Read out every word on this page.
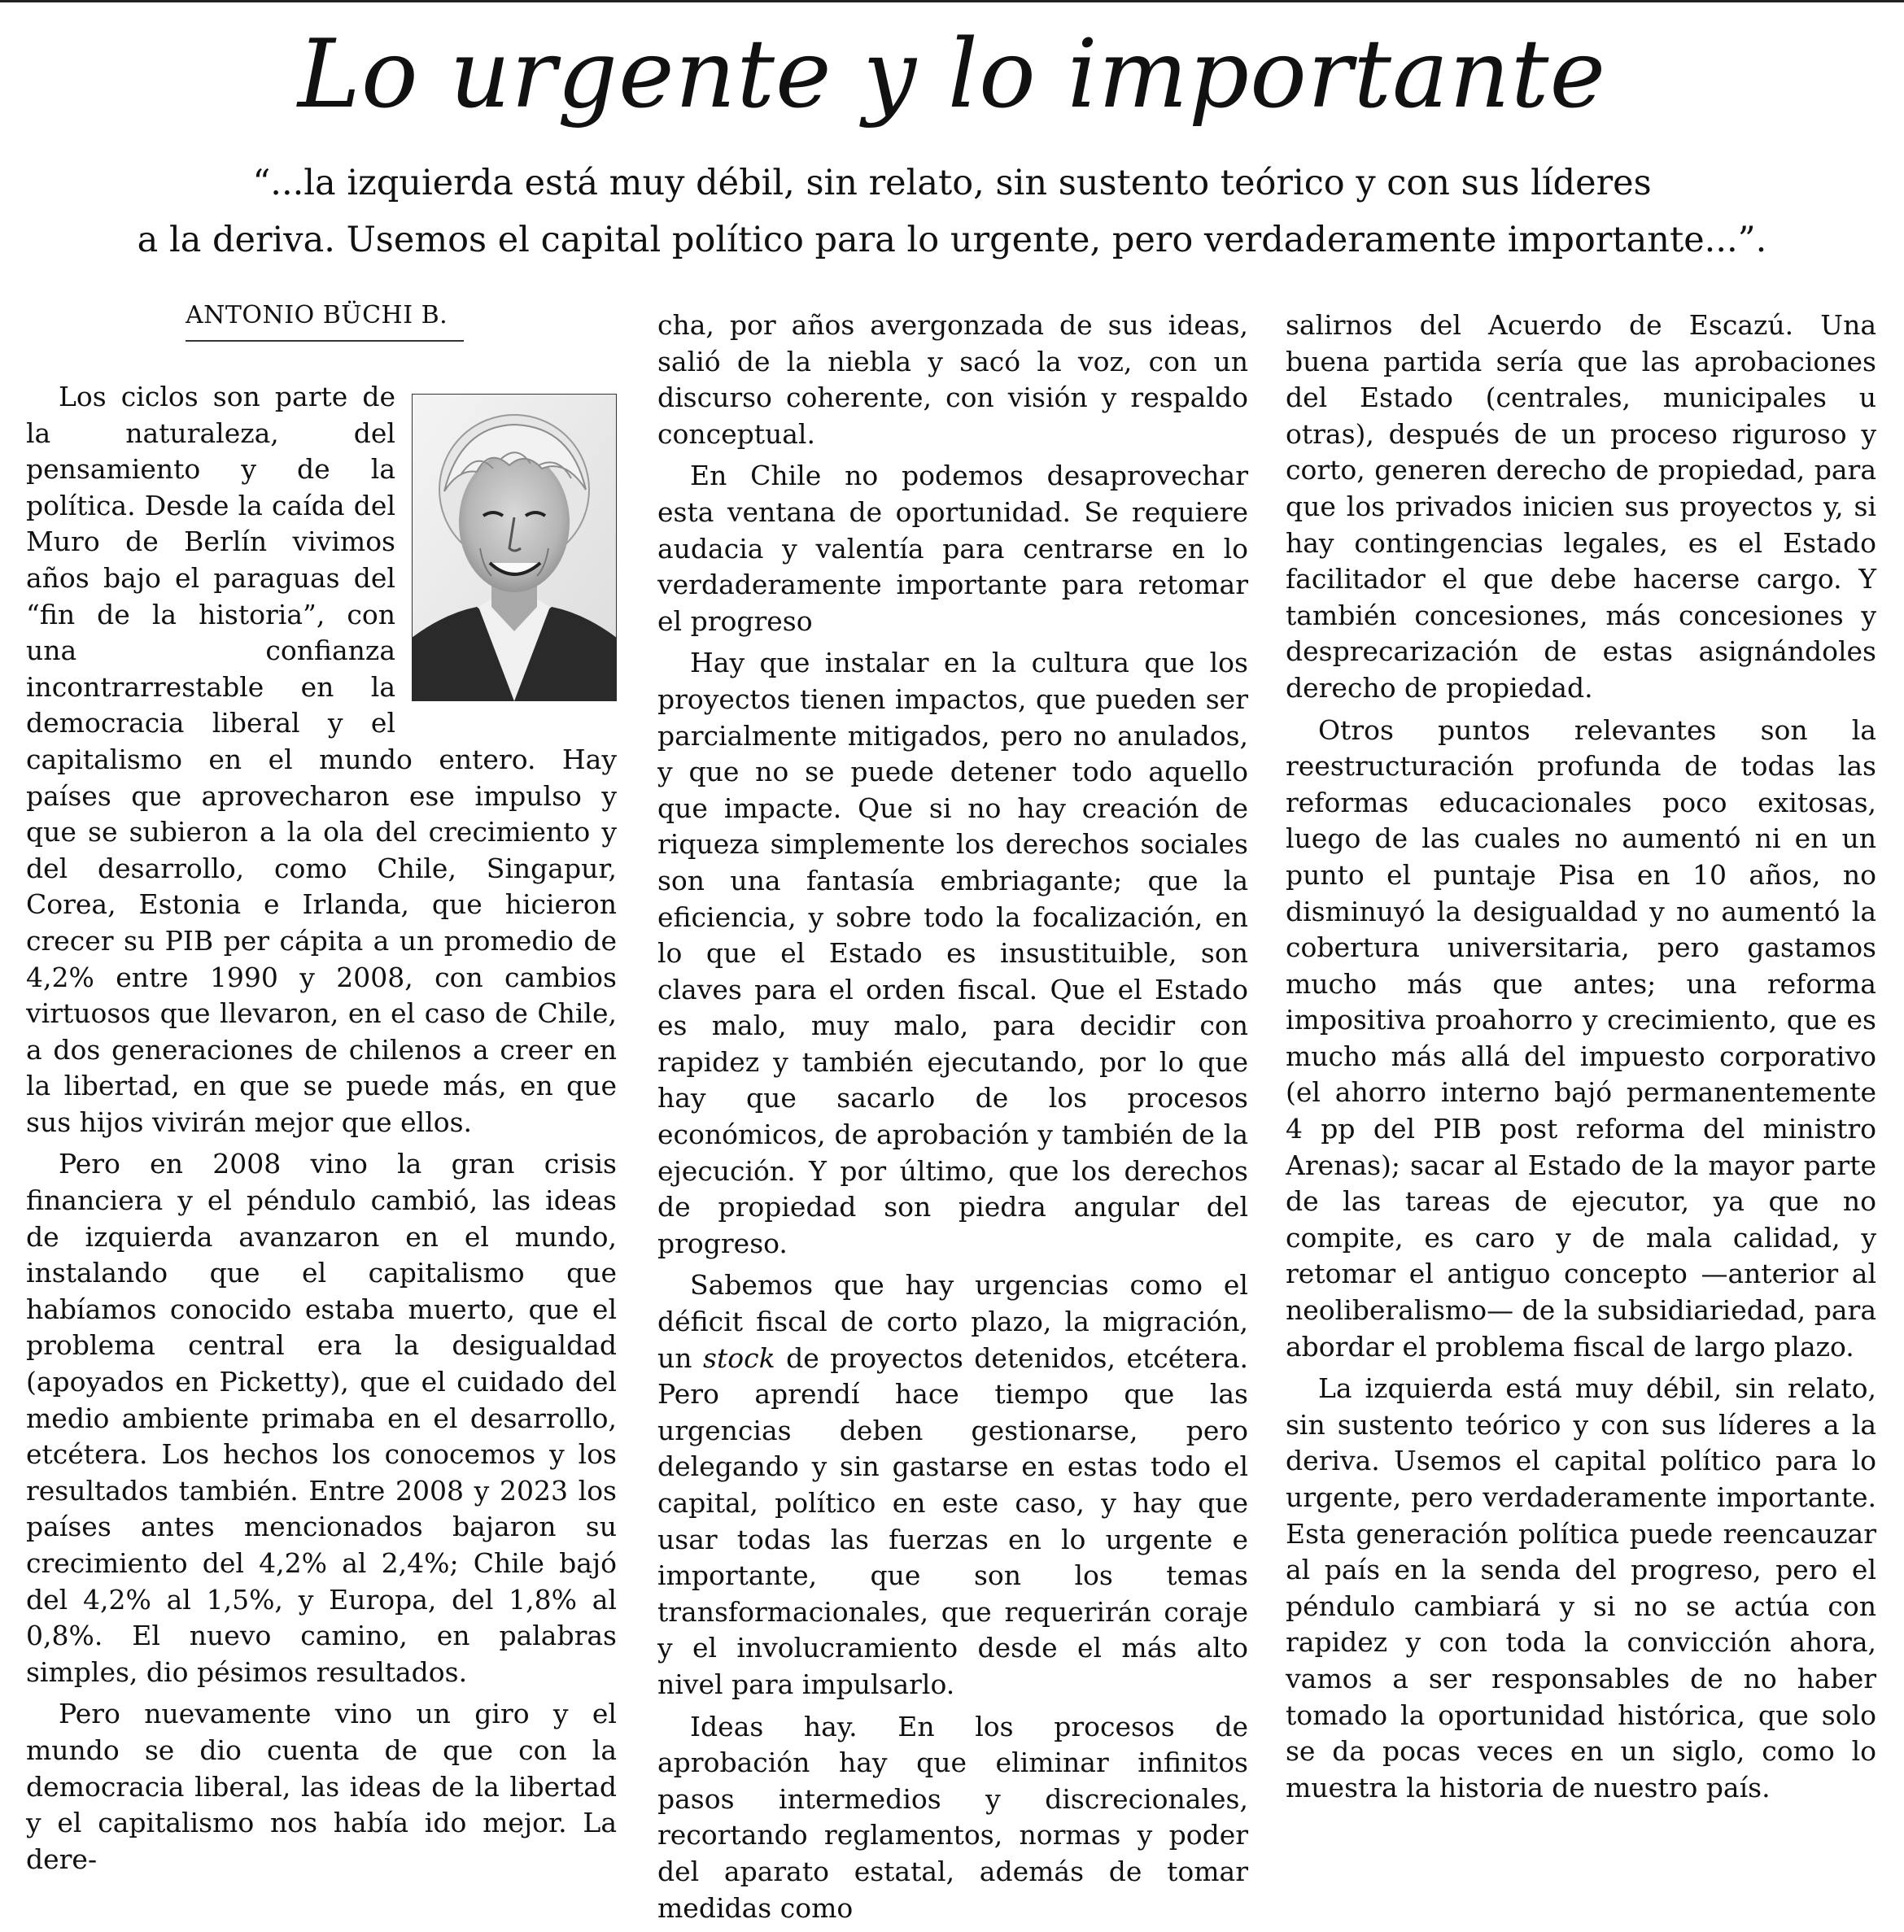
Lo urgente y lo importante
“...la izquierda está muy débil, sin relato, sin sustento teórico y con sus líderes
a la deriva. Usemos el capital político para lo urgente, pero verdaderamente importante...”.
ANTONIO BÜCHI B.

Los ciclos son parte de la naturaleza, del pensamiento y de la política. Desde la caída del Muro de Berlín vivimos años bajo el paraguas del “fin de la historia”, con una confianza incontrarrestable en la democracia liberal y el capitalismo en el mundo entero. Hay países que aprovecharon ese impulso y que se subieron a la ola del crecimiento y del desarrollo, como Chile, Singapur, Corea, Estonia e Irlanda, que hicieron crecer su PIB per cápita a un promedio de 4,2% entre 1990 y 2008, con cambios virtuosos que llevaron, en el caso de Chile, a dos generaciones de chilenos a creer en la libertad, en que se puede más, en que sus hijos vivirán mejor que ellos.

Pero en 2008 vino la gran crisis financiera y el péndulo cambió, las ideas de izquierda avanzaron en el mundo, instalando que el capitalismo que habíamos conocido estaba muerto, que el problema central era la desigualdad (apoyados en Picketty), que el cuidado del medio ambiente primaba en el desarrollo, etcétera. Los hechos los conocemos y los resultados también. Entre 2008 y 2023 los países antes mencionados bajaron su crecimiento del 4,2% al 2,4%; Chile bajó del 4,2% al 1,5%, y Europa, del 1,8% al 0,8%. El nuevo camino, en palabras simples, dio pésimos resultados.

Pero nuevamente vino un giro y el mundo se dio cuenta de que con la democracia liberal, las ideas de la libertad y el capitalismo nos había ido mejor. La dere-

cha, por años avergonzada de sus ideas, salió de la niebla y sacó la voz, con un discurso coherente, con visión y respaldo conceptual.

En Chile no podemos desaprovechar esta ventana de oportunidad. Se requiere audacia y valentía para centrarse en lo verdaderamente importante para retomar el progreso

Hay que instalar en la cultura que los proyectos tienen impactos, que pueden ser parcialmente mitigados, pero no anulados, y que no se puede detener todo aquello que impacte. Que si no hay creación de riqueza simplemente los derechos sociales son una fantasía embriagante; que la eficiencia, y sobre todo la focalización, en lo que el Estado es insustituible, son claves para el orden fiscal. Que el Estado es malo, muy malo, para decidir con rapidez y también ejecutando, por lo que hay que sacarlo de los procesos económicos, de aprobación y también de la ejecución. Y por último, que los derechos de propiedad son piedra angular del progreso.

Sabemos que hay urgencias como el déficit fiscal de corto plazo, la migración, un stock de proyectos detenidos, etcétera. Pero aprendí hace tiempo que las urgencias deben gestionarse, pero delegando y sin gastarse en estas todo el capital, político en este caso, y hay que usar todas las fuerzas en lo urgente e importante, que son los temas transformacionales, que requerirán coraje y el involucramiento desde el más alto nivel para impulsarlo.

Ideas hay. En los procesos de aprobación hay que eliminar infinitos pasos intermedios y discrecionales, recortando reglamentos, normas y poder del aparato estatal, además de tomar medidas como

salirnos del Acuerdo de Escazú. Una buena partida sería que las aprobaciones del Estado (centrales, municipales u otras), después de un proceso riguroso y corto, generen derecho de propiedad, para que los privados inicien sus proyectos y, si hay contingencias legales, es el Estado facilitador el que debe hacerse cargo. Y también concesiones, más concesiones y desprecarización de estas asignándoles derecho de propiedad.

Otros puntos relevantes son la reestructuración profunda de todas las reformas educacionales poco exitosas, luego de las cuales no aumentó ni en un punto el puntaje Pisa en 10 años, no disminuyó la desigualdad y no aumentó la cobertura universitaria, pero gastamos mucho más que antes; una reforma impositiva proahorro y crecimiento, que es mucho más allá del impuesto corporativo (el ahorro interno bajó permanentemente 4 pp del PIB post reforma del ministro Arenas); sacar al Estado de la mayor parte de las tareas de ejecutor, ya que no compite, es caro y de mala calidad, y retomar el antiguo concepto —anterior al neoliberalismo— de la subsidiariedad, para abordar el problema fiscal de largo plazo.

La izquierda está muy débil, sin relato, sin sustento teórico y con sus líderes a la deriva. Usemos el capital político para lo urgente, pero verdaderamente importante. Esta generación política puede reencauzar al país en la senda del progreso, pero el péndulo cambiará y si no se actúa con rapidez y con toda la convicción ahora, vamos a ser responsables de no haber tomado la oportunidad histórica, que solo se da pocas veces en un siglo, como lo muestra la historia de nuestro país.
